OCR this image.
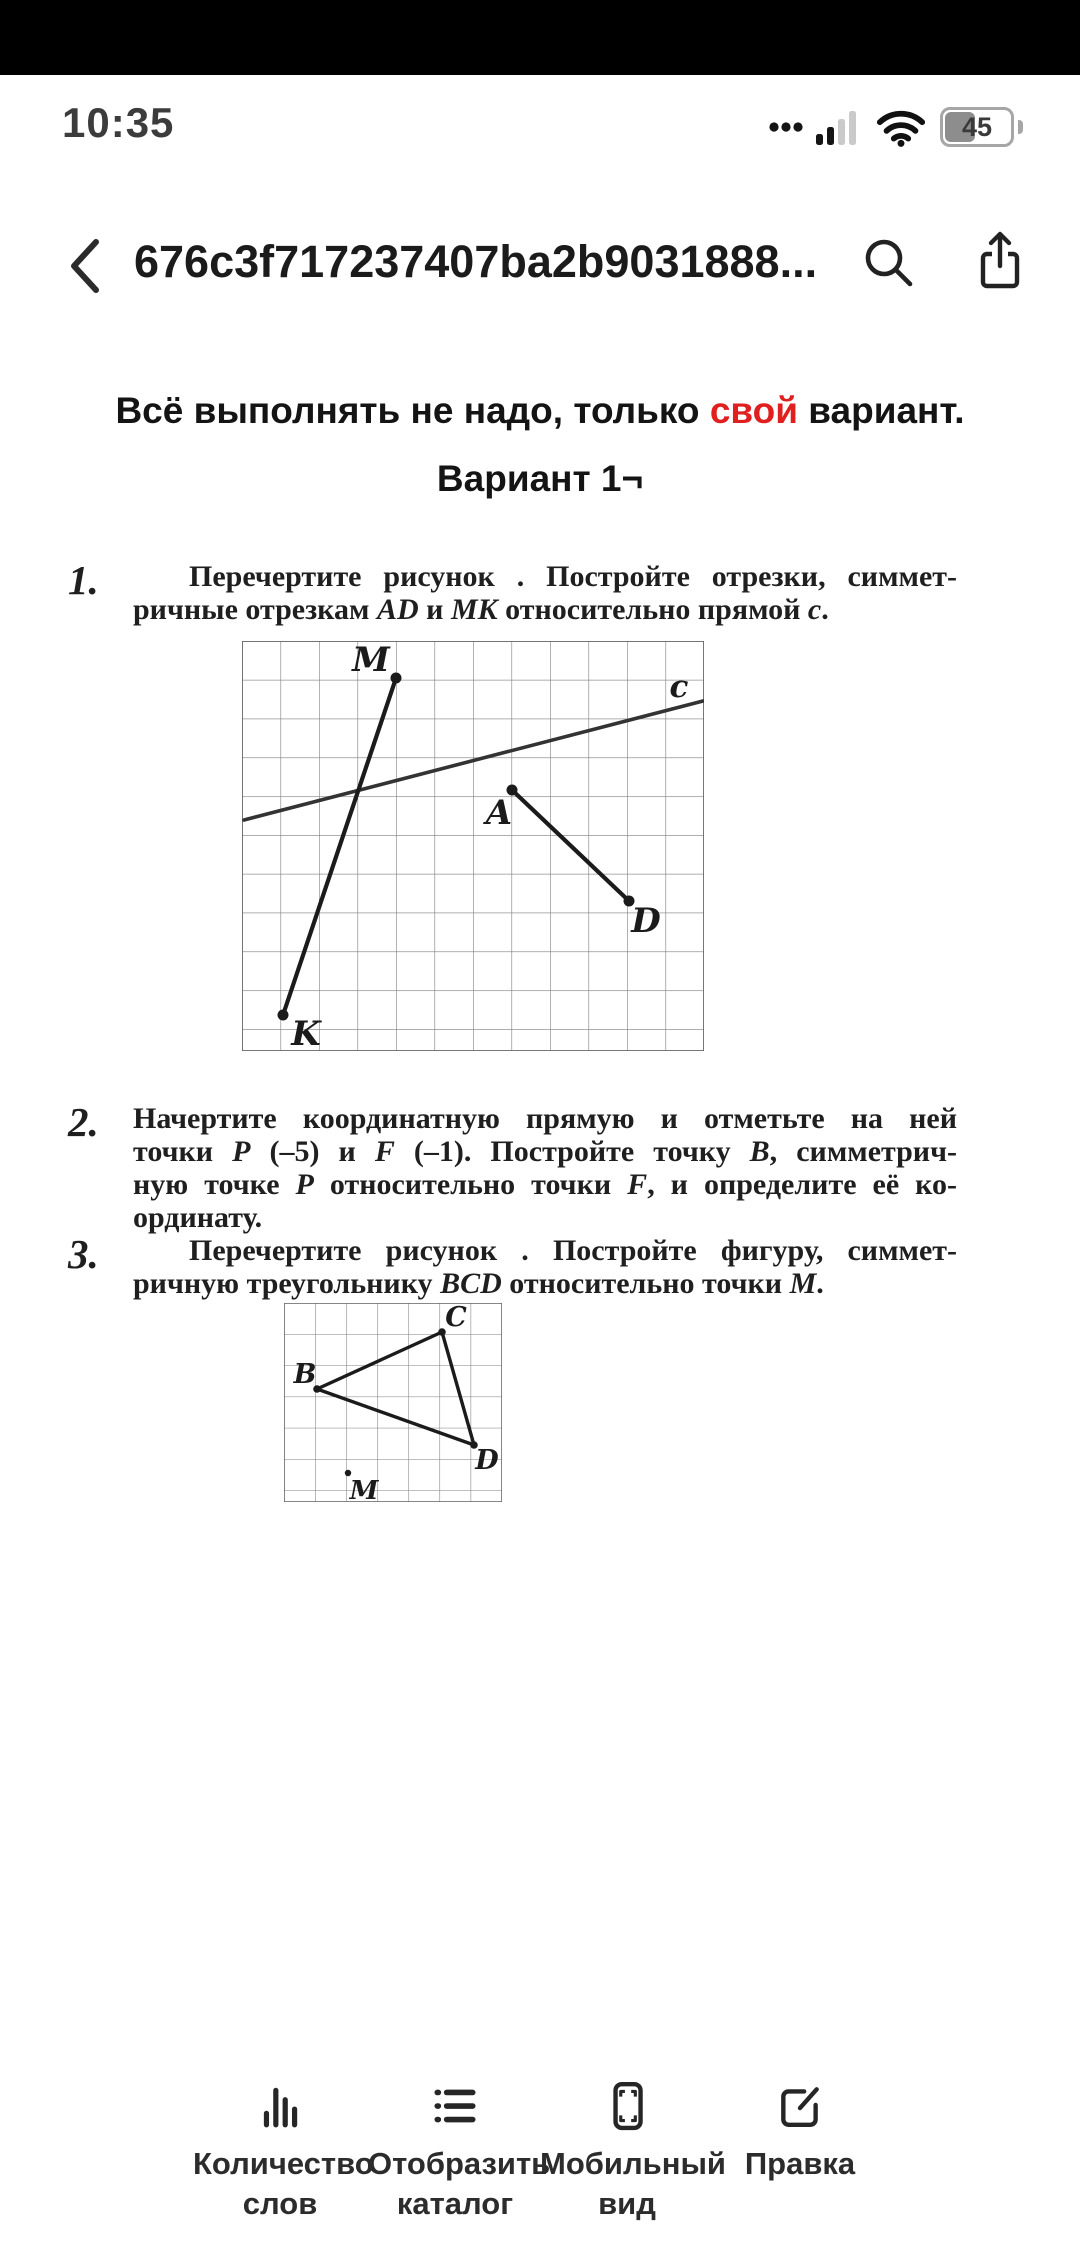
10:35	45
676c3f717237407ba2b9031888...
Всё выполнять не надо, только свой вариант.
Вариант 1¬
1.	Перечертите рисунок . Постройте отрезки, симмет-
ричные отрезкам AD и MK относительно прямой c.
M
K
A
D
c
2. Начертите координатную прямую и отметьте на ней
точки P (–5) и F (–1). Постройте точку B, симметрич-
ную точке P относительно точки F, и определите её ко-
ординату.
3.	Перечертите рисунок . Постройте фигуру, симмет-
ричную треугольнику BCD относительно точки M.
B
C
D
M
Количество
слов
Отобразить
каталог
Мобильный
вид
Правка
